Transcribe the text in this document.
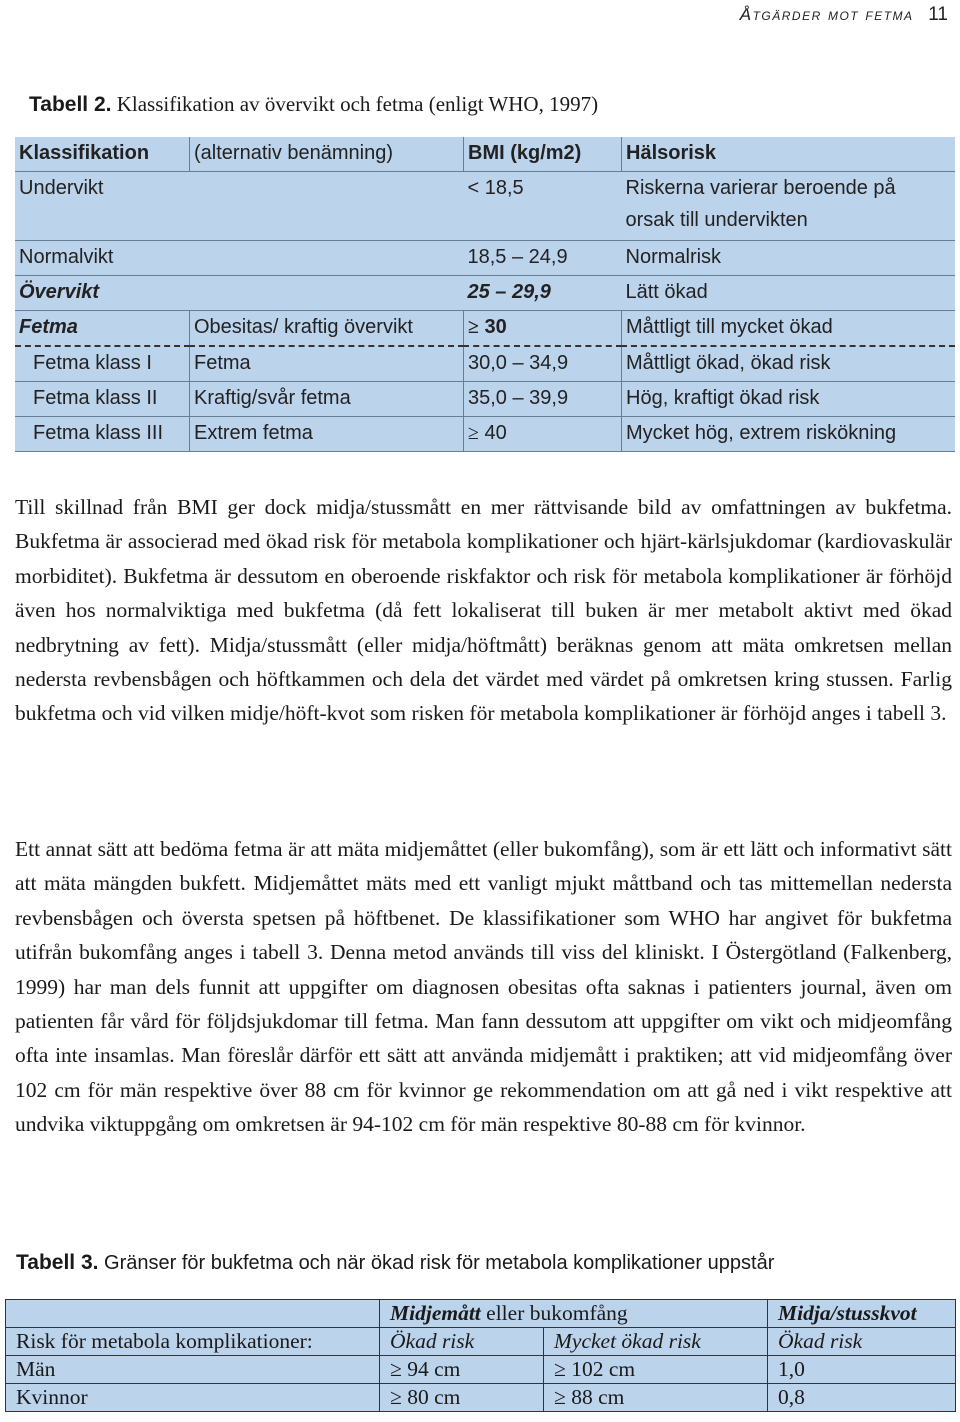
Åtgärder mot fetma 11
Tabell 2. Klassifikation av övervikt och fetma (enligt WHO, 1997)
Klassifikation	(alternativ benämning)	BMI (kg/m2)	Hälsorisk
Undervikt		< 18,5	Riskerna varierar beroende på
orsak till undervikten

Normalvikt		18,5 – 24,9	Normalrisk
Övervikt		25 – 29,9	Lätt ökad
Fetma	Obesitas/ kraftig övervikt	≥ 30	Måttligt till mycket ökad
Fetma klass I	Fetma	30,0 – 34,9	Måttligt ökad, ökad risk
Fetma klass II	Kraftig/svår fetma	35,0 – 39,9	Hög, kraftigt ökad risk
Fetma klass III	Extrem fetma	≥ 40	Mycket hög, extrem riskökning
Till skillnad från BMI ger dock midja/stussmått en mer rättvisande bild av omfattningen av bukfetma. Bukfetma är associerad med ökad risk för metabola komplikationer och hjärt-kärlsjukdomar (kardiovaskulär morbiditet). Bukfetma är dessutom en oberoende riskfaktor och risk för metabola komplikationer är förhöjd även hos normalviktiga med bukfetma (då fett lokaliserat till buken är mer metabolt aktivt med ökad nedbrytning av fett). Midja/stussmått (eller midja/höftmått) beräknas genom att mäta omkretsen mellan nedersta revbensbågen och höftkammen och dela det värdet med värdet på omkretsen kring stussen. Farlig bukfetma och vid vilken midje/höft-kvot som risken för metabola komplikationer är förhöjd anges i tabell 3.
Ett annat sätt att bedöma fetma är att mäta midjemåttet (eller bukomfång), som är ett lätt och informativt sätt att mäta mängden bukfett. Midjemåttet mäts med ett vanligt mjukt måttband och tas mittemellan nedersta revbensbågen och översta spetsen på höftbenet. De klassifikationer som WHO har angivet för bukfetma utifrån bukomfång anges i tabell 3. Denna metod används till viss del kliniskt. I Östergötland (Falkenberg, 1999) har man dels funnit att uppgifter om diagnosen obesitas ofta saknas i patienters journal, även om patienten får vård för följdsjukdomar till fetma. Man fann dessutom att uppgifter om vikt och midjeomfång ofta inte insamlas. Man föreslår därför ett sätt att använda midjemått i praktiken; att vid midjeomfång över 102 cm för män respektive över 88 cm för kvinnor ge rekommendation om att gå ned i vikt respektive att undvika viktuppgång om omkretsen är 94-102 cm för män respektive 80-88 cm för kvinnor.
Tabell 3. Gränser för bukfetma och när ökad risk för metabola komplikationer uppstår
	Midjemått eller bukomfång		Midja/stusskvot
Risk för metabola komplikationer:	Ökad risk	Mycket ökad risk	Ökad risk
Män	≥ 94 cm	≥ 102 cm	1,0
Kvinnor	≥ 80 cm	≥ 88 cm	0,8
